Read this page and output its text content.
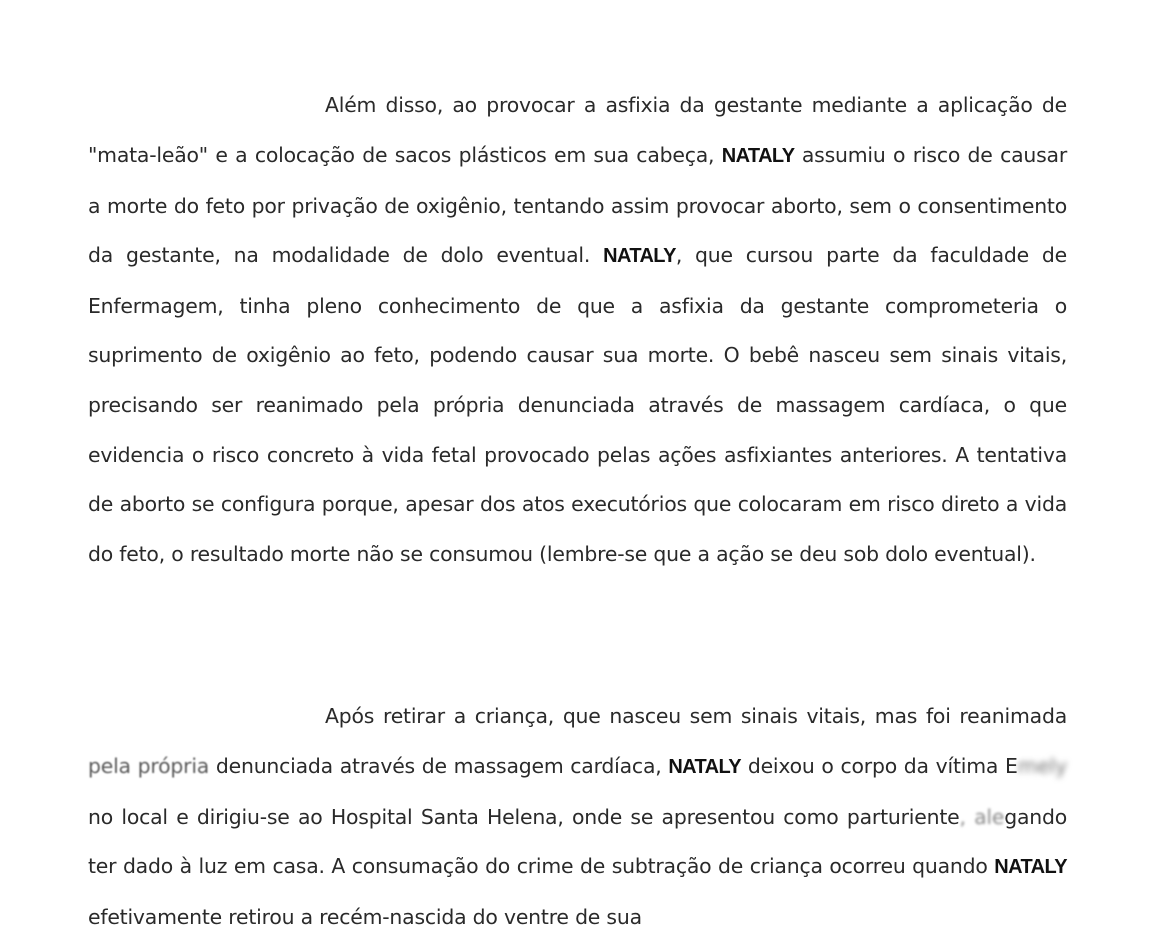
Além disso, ao provocar a asfixia da gestante mediante a aplicação de "mata-leão" e a colocação de sacos plásticos em sua cabeça, NATALY assumiu o risco de causar a morte do feto por privação de oxigênio, tentando assim provocar aborto, sem o consentimento da gestante, na modalidade de dolo eventual. NATALY, que cursou parte da faculdade de Enfermagem, tinha pleno conhecimento de que a asfixia da gestante comprometeria o suprimento de oxigênio ao feto, podendo causar sua morte. O bebê nasceu sem sinais vitais, precisando ser reanimado pela própria denunciada através de massagem cardíaca, o que evidencia o risco concreto à vida fetal provocado pelas ações asfixiantes anteriores. A tentativa de aborto se configura porque, apesar dos atos executórios que colocaram em risco direto a vida do feto, o resultado morte não se consumou (lembre-se que a ação se deu sob dolo eventual).

Após retirar a criança, que nasceu sem sinais vitais, mas foi reanimada pela própria denunciada através de massagem cardíaca, NATALY deixou o corpo da vítima Emely no local e dirigiu-se ao Hospital Santa Helena, onde se apresentou como parturiente, alegando ter dado à luz em casa. A consumação do crime de subtração de criança ocorreu quando NATALY efetivamente retirou a recém-nascida do ventre de sua
